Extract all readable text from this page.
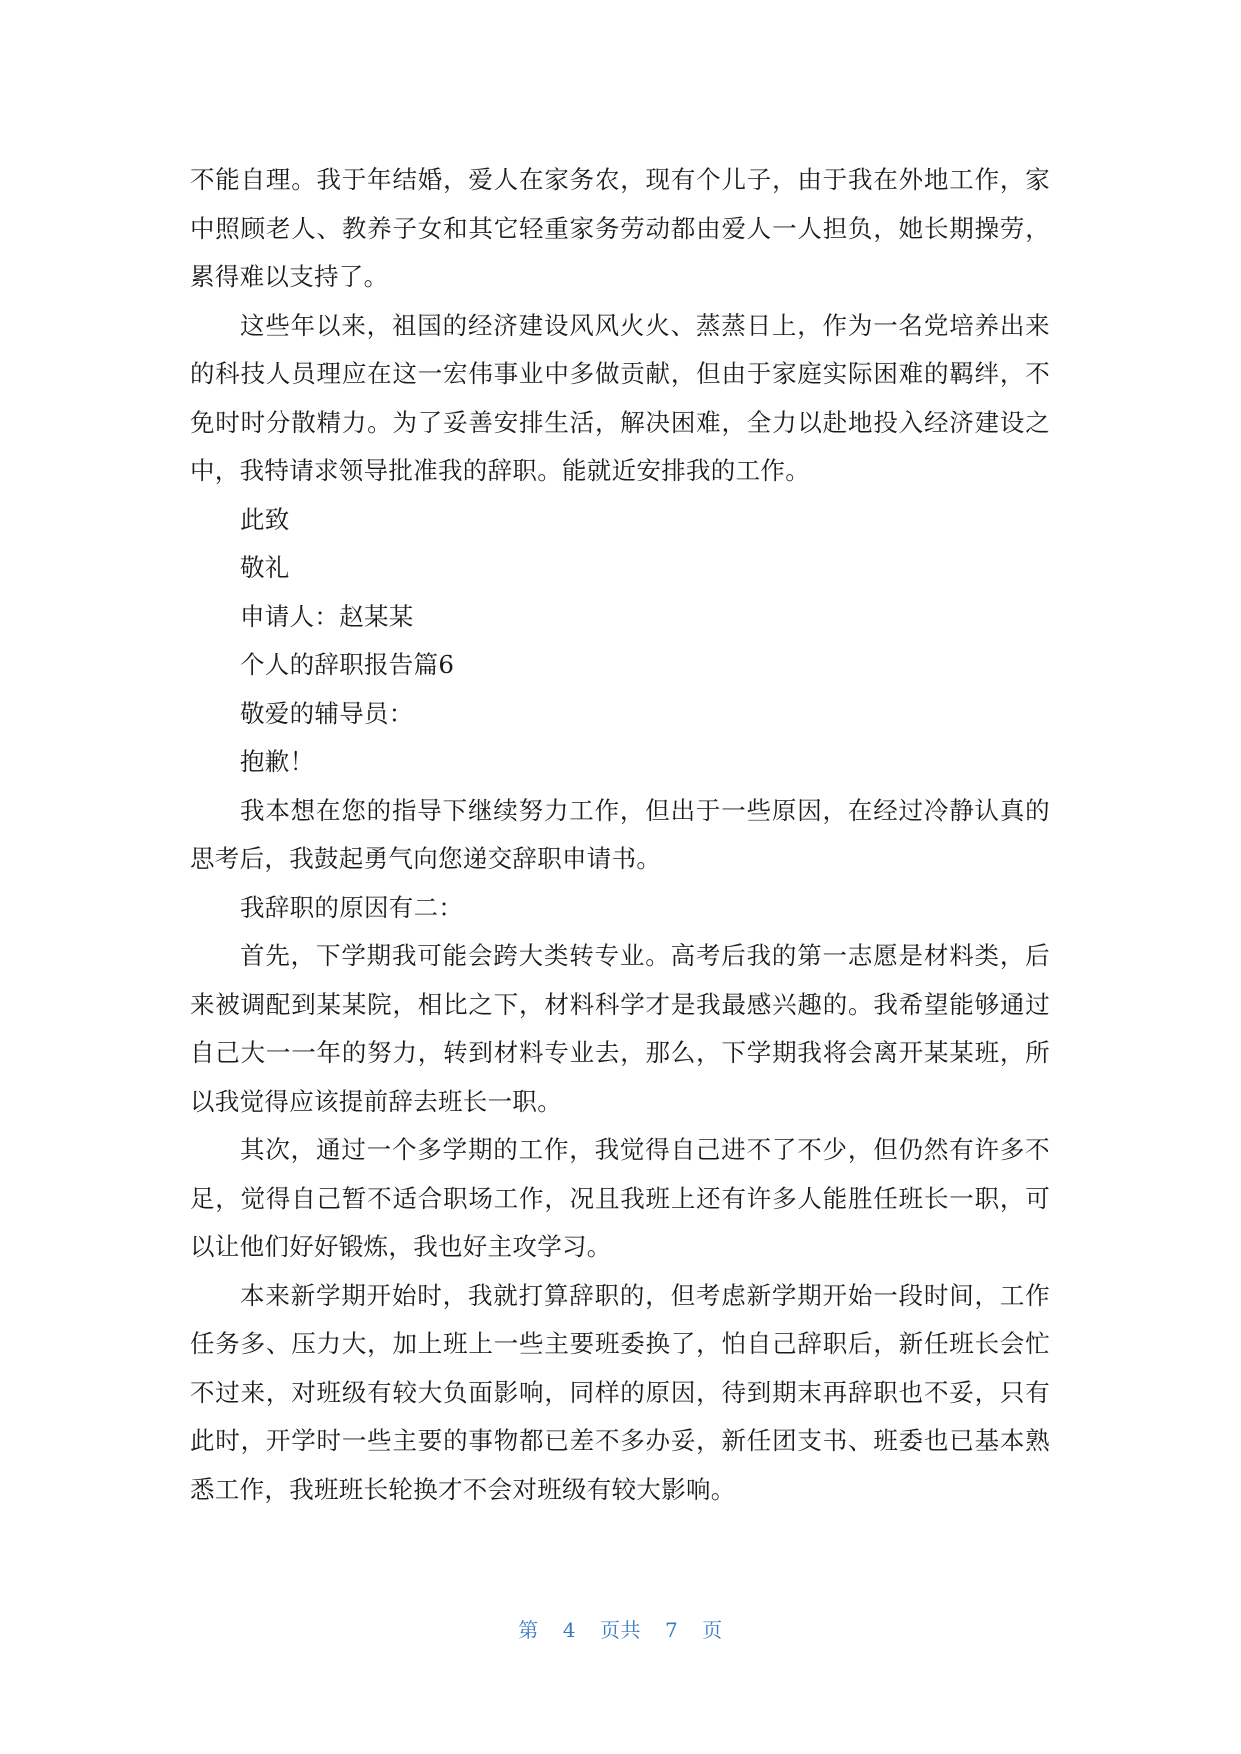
不能自理。我于年结婚，爱人在家务农，现有个儿子，由于我在外地工作，家中照顾老人、教养子女和其它轻重家务劳动都由爱人一人担负，她长期操劳，累得难以支持了。

这些年以来，祖国的经济建设风风火火、蒸蒸日上，作为一名党培养出来的科技人员理应在这一宏伟事业中多做贡献，但由于家庭实际困难的羁绊，不免时时分散精力。为了妥善安排生活，解决困难，全力以赴地投入经济建设之中，我特请求领导批准我的辞职。能就近安排我的工作。

此致

敬礼

申请人：赵某某

个人的辞职报告篇6

敬爱的辅导员：

抱歉！

我本想在您的指导下继续努力工作，但出于一些原因，在经过冷静认真的思考后，我鼓起勇气向您递交辞职申请书。

我辞职的原因有二：

首先，下学期我可能会跨大类转专业。高考后我的第一志愿是材料类，后来被调配到某某院，相比之下，材料科学才是我最感兴趣的。我希望能够通过自己大一一年的努力，转到材料专业去，那么，下学期我将会离开某某班，所以我觉得应该提前辞去班长一职。

其次，通过一个多学期的工作，我觉得自己进不了不少，但仍然有许多不足，觉得自己暂不适合职场工作，况且我班上还有许多人能胜任班长一职，可以让他们好好锻炼，我也好主攻学习。

本来新学期开始时，我就打算辞职的，但考虑新学期开始一段时间，工作任务多、压力大，加上班上一些主要班委换了，怕自己辞职后，新任班长会忙不过来，对班级有较大负面影响，同样的原因，待到期末再辞职也不妥，只有此时，开学时一些主要的事物都已差不多办妥，新任团支书、班委也已基本熟悉工作，我班班长轮换才不会对班级有较大影响。

第 4 页共 7 页
